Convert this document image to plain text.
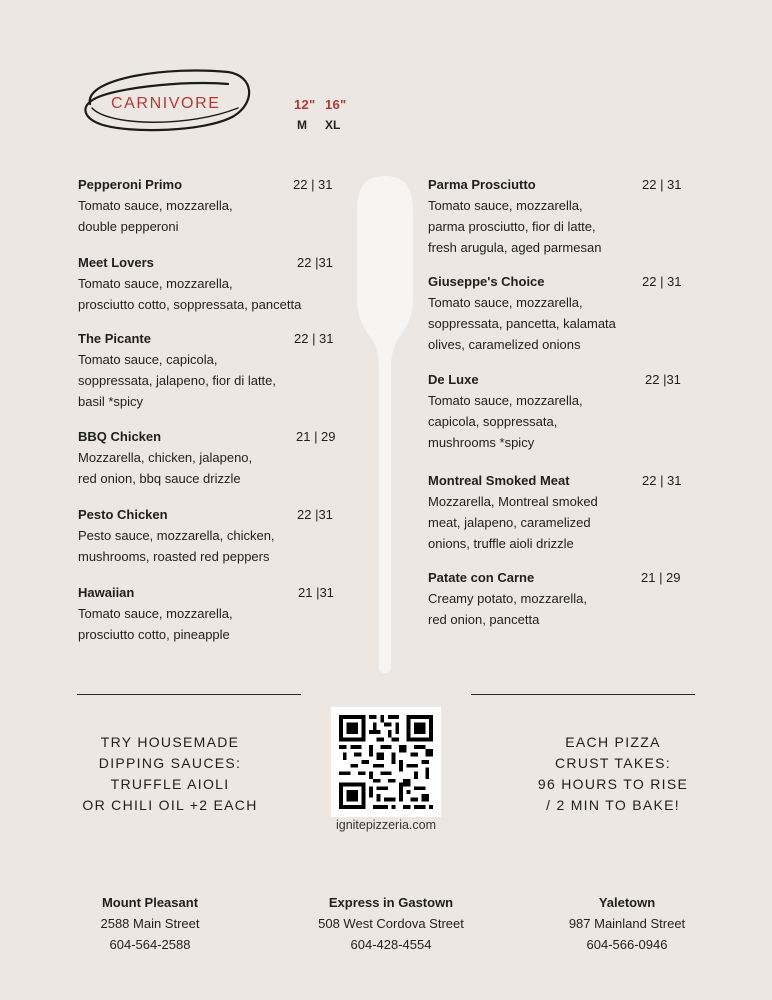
CARNIVORE	12" 16"
M XL
Pepperoni Primo	22 | 31
Tomato sauce, mozzarella,
double pepperoni
Meet Lovers	22 |31
Tomato sauce, mozzarella,
prosciutto cotto, soppressata, pancetta
The Picante	22 | 31
Tomato sauce, capicola,
soppressata, jalapeno, fior di latte,
basil *spicy
BBQ Chicken	21 | 29
Mozzarella, chicken, jalapeno,
red onion, bbq sauce drizzle
Pesto Chicken	22 |31
Pesto sauce, mozzarella, chicken,
mushrooms, roasted red peppers
Hawaiian	21 |31
Tomato sauce, mozzarella,
prosciutto cotto, pineapple
Parma Prosciutto	22 | 31
Tomato sauce, mozzarella,
parma prosciutto, fior di latte,
fresh arugula, aged parmesan
Giuseppe's Choice	22 | 31
Tomato sauce, mozzarella,
soppressata, pancetta, kalamata
olives, caramelized onions
De Luxe	22 |31
Tomato sauce, mozzarella,
capicola, soppressata,
mushrooms *spicy
Montreal Smoked Meat	22 | 31
Mozzarella, Montreal smoked
meat, jalapeno, caramelized
onions, truffle aioli drizzle
Patate con Carne	21 | 29
Creamy potato, mozzarella,
red onion, pancetta
TRY HOUSEMADE
DIPPING SAUCES:
TRUFFLE AIOLI
OR CHILI OIL +2 EACH
EACH PIZZA
CRUST TAKES:
96 HOURS TO RISE
/ 2 MIN TO BAKE!
ignitepizzeria.com
Mount Pleasant
2588 Main Street
604-564-2588
Express in Gastown
508 West Cordova Street
604-428-4554
Yaletown
987 Mainland Street
604-566-0946
